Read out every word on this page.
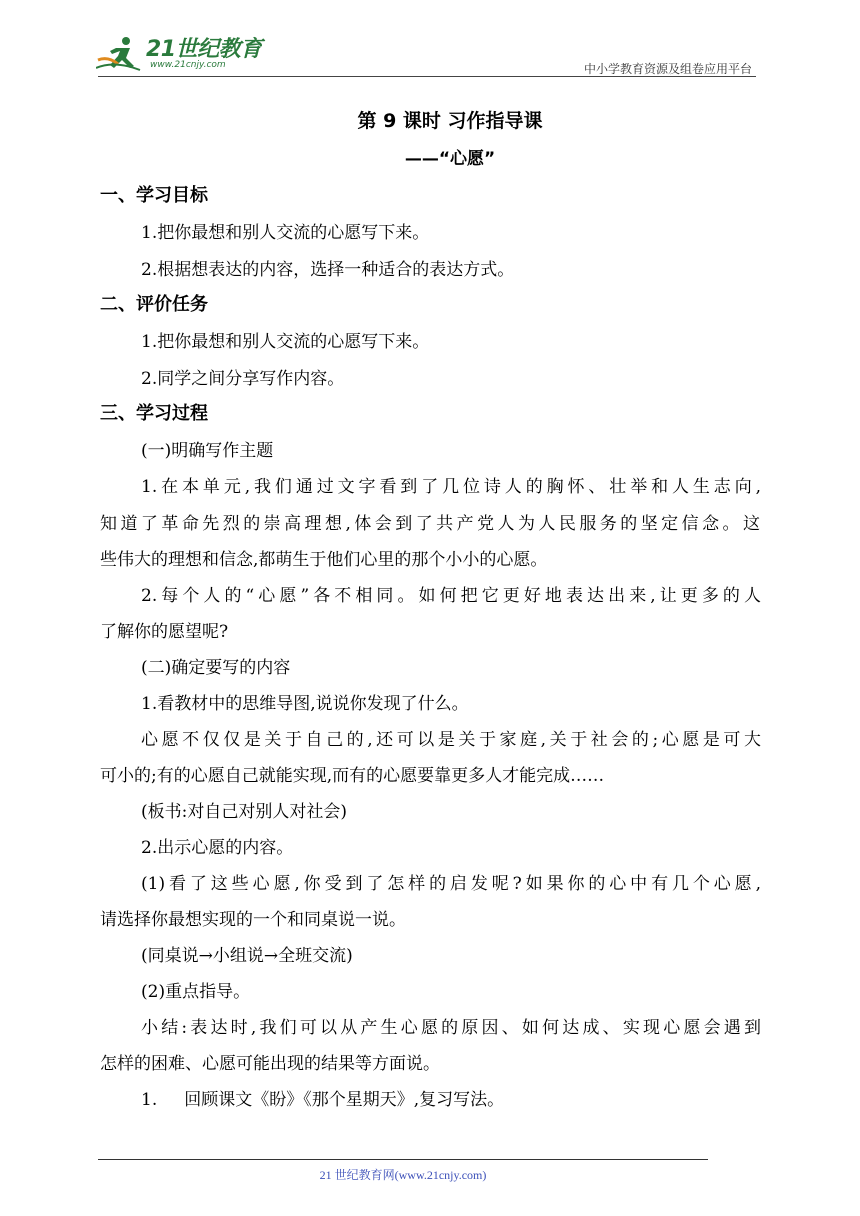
21世纪教育
www.21cnjy.com	中小学教育资源及组卷应用平台
第 9 课时 习作指导课
——“心愿”
一、学习目标
1.把你最想和别人交流的心愿写下来。
2.根据想表达的内容，选择一种适合的表达方式。
二、评价任务
1.把你最想和别人交流的心愿写下来。
2.同学之间分享写作内容。
三、学习过程
(一)明确写作主题
1.在本单元,我们通过文字看到了几位诗人的胸怀、壮举和人生志向,
知道了革命先烈的崇高理想,体会到了共产党人为人民服务的坚定信念。这
些伟大的理想和信念,都萌生于他们心里的那个小小的心愿。
2.每个人的“心愿”各不相同。如何把它更好地表达出来,让更多的人
了解你的愿望呢?
(二)确定要写的内容
1.看教材中的思维导图,说说你发现了什么。
心愿不仅仅是关于自己的,还可以是关于家庭,关于社会的;心愿是可大
可小的;有的心愿自己就能实现,而有的心愿要靠更多人才能完成……
(板书:对自己对别人对社会)
2.出示心愿的内容。
(1)看了这些心愿,你受到了怎样的启发呢?如果你的心中有几个心愿,
请选择你最想实现的一个和同桌说一说。
(同桌说→小组说→全班交流)
(2)重点指导。
小结:表达时,我们可以从产生心愿的原因、如何达成、实现心愿会遇到
怎样的困难、心愿可能出现的结果等方面说。
1.     回顾课文《盼》《那个星期天》,复习写法。
21 世纪教育网(www.21cnjy.com)
